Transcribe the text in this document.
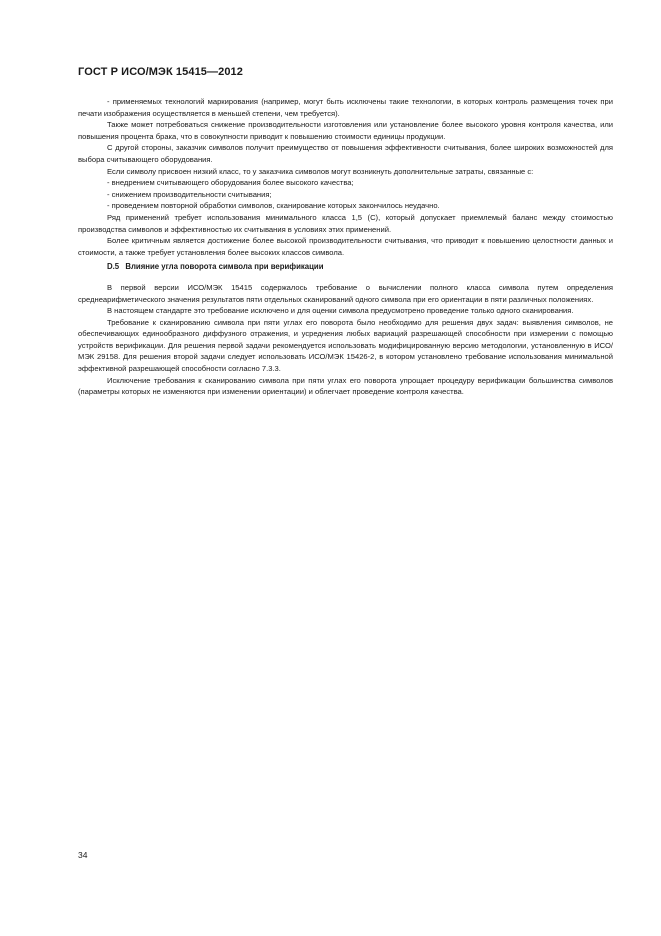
ГОСТ Р ИСО/МЭК 15415—2012

- применяемых технологий маркирования (например, могут быть исключены такие технологии, в которых контроль размещения точек при печати изображения осуществляется в меньшей степени, чем требуется).

Также может потребоваться снижение производительности изготовления или установление более высокого уровня контроля качества, или повышения процента брака, что в совокупности приводит к повышению стоимости единицы продукции.

С другой стороны, заказчик символов получит преимущество от повышения эффективности считывания, более широких возможностей для выбора считывающего оборудования.

Если символу присвоен низкий класс, то у заказчика символов могут возникнуть дополнительные затраты, связанные с:

- внедрением считывающего оборудования более высокого качества;

- снижением производительности считывания;

- проведением повторной обработки символов, сканирование которых закончилось неудачно.

Ряд применений требует использования минимального класса 1,5 (C), который допускает приемлемый баланс между стоимостью производства символов и эффективностью их считывания в условиях этих применений.

Более критичным является достижение более высокой производительности считывания, что приводит к повышению целостности данных и стоимости, а также требует установления более высоких классов символа.

D.5 Влияние угла поворота символа при верификации

В первой версии ИСО/МЭК 15415 содержалось требование о вычислении полного класса символа путем определения среднеарифметического значения результатов пяти отдельных сканирований одного символа при его ориентации в пяти различных положениях.

В настоящем стандарте это требование исключено и для оценки символа предусмотрено проведение только одного сканирования.

Требование к сканированию символа при пяти углах его поворота было необходимо для решения двух задач: выявления символов, не обеспечивающих единообразного диффузного отражения, и усреднения любых вариаций разрешающей способности при измерении с помощью устройств верификации. Для решения первой задачи рекомендуется использовать модифицированную версию методологии, установленную в ИСО/МЭК 29158. Для решения второй задачи следует использовать ИСО/МЭК 15426-2, в котором установлено требование использования минимальной эффективной разрешающей способности согласно 7.3.3.

Исключение требования к сканированию символа при пяти углах его поворота упрощает процедуру верификации большинства символов (параметры которых не изменяются при изменении ориентации) и облегчает проведение контроля качества.

34
